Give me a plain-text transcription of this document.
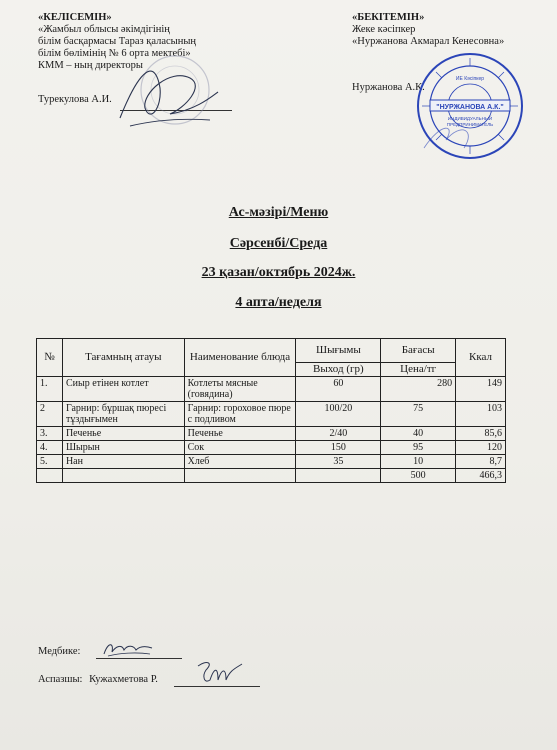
«КЕЛІСЕМІН»
«Жамбыл облысы әкімдігінің
білім басқармасы Тараз қаласының
білім бөлімінің № 6 орта мектебі»
КММ – ның директоры
Турекулова А.И.
«БЕКІТЕМІН»
Жеке кәсіпкер
«Нуржанова Акмарал Кенесовна»
Нуржанова А.К.
ИЕ Кәсіпкер
"НУРЖАНОВА А.К."
ИНДИВИДУАЛЬНЫЙ
ПРЕДПРИНИМАТЕЛЬ
Ас-мәзірі/Меню
Сәрсенбі/Среда
23 қазан/октябрь 2024ж.
4 апта/неделя
№	Тағамның атауы	Наименование блюда	Шығымы	Бағасы	Ккал
			Выход (гр)	Цена/тг	
1.	Сиыр етінен котлет	Котлеты мясные (говядина)	60	280	149
2	Гарнир: бұршақ пюресі тұздығымен	Гарнир: гороховое пюре с подливом	100/20	75	103
3.	Печенье	Печенье	2/40	40	85,6
4.	Шырын	Сок	150	95	120
5.	Нан	Хлеб	35	10	8,7
				500	466,3
Медбике:
Аспазшы: Кужахметова Р.
